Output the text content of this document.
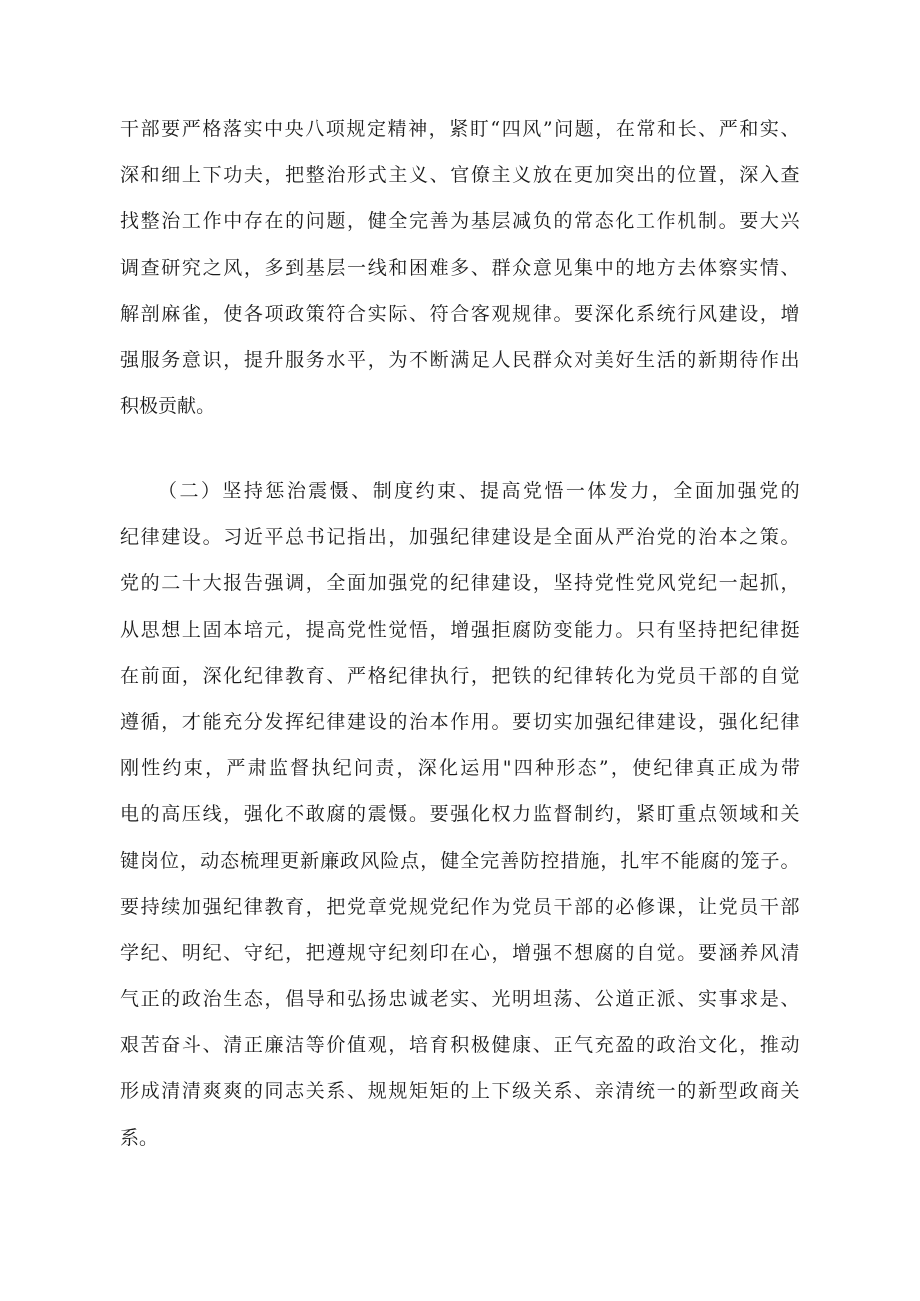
干 部 要 严 格 落 实 中 央 八 项 规 定 精 神 ， 紧 盯 “ 四 风 ” 问 题 ， 在 常 和 长 、 严 和 实 、
深 和 细 上 下 功 夫 ， 把 整 治 形 式 主 义 、 官 僚 主 义 放 在 更 加 突 出 的 位 置 ， 深 入 查
找 整 治 工 作 中 存 在 的 问 题 ， 健 全 完 善 为 基 层 减 负 的 常 态 化 工 作 机 制 。 要 大 兴
调 查 研 究 之 风 ， 多 到 基 层 一 线 和 困 难 多 、 群 众 意 见 集 中 的 地 方 去 体 察 实 情 、
解 剖 麻 雀 ， 使 各 项 政 策 符 合 实 际 、 符 合 客 观 规 律 。 要 深 化 系 统 行 风 建 设 ， 增
强 服 务 意 识 ， 提 升 服 务 水 平 ， 为 不 断 满 足 人 民 群 众 对 美 好 生 活 的 新 期 待 作 出
积 极 贡 献 。
（ 二 ） 坚 持 惩 治 震 慑 、 制 度 约 束 、 提 高 党 悟 一 体 发 力 ， 全 面 加 强 党 的
纪 律 建 设 。 习 近 平 总 书 记 指 出 ， 加 强 纪 律 建 设 是 全 面 从 严 治 党 的 治 本 之 策 。
党 的 二 十 大 报 告 强 调 ， 全 面 加 强 党 的 纪 律 建 设 ， 坚 持 党 性 党 风 党 纪 一 起 抓 ，
从 思 想 上 固 本 培 元 ， 提 高 党 性 觉 悟 ， 增 强 拒 腐 防 变 能 力 。 只 有 坚 持 把 纪 律 挺
在 前 面 ， 深 化 纪 律 教 育 、 严 格 纪 律 执 行 ， 把 铁 的 纪 律 转 化 为 党 员 干 部 的 自 觉
遵 循 ， 才 能 充 分 发 挥 纪 律 建 设 的 治 本 作 用 。 要 切 实 加 强 纪 律 建 设 ， 强 化 纪 律
刚 性 约 束 ， 严 肃 监 督 执 纪 问 责 ， 深 化 运 用 " 四 种 形 态 ” ， 使 纪 律 真 正 成 为 带
电 的 高 压 线 ， 强 化 不 敢 腐 的 震 慑 。 要 强 化 权 力 监 督 制 约 ， 紧 盯 重 点 领 域 和 关
键 岗 位 ， 动 态 梳 理 更 新 廉 政 风 险 点 ， 健 全 完 善 防 控 措 施 ， 扎 牢 不 能 腐 的 笼 子 。
要 持 续 加 强 纪 律 教 育 ， 把 党 章 党 规 党 纪 作 为 党 员 干 部 的 必 修 课 ， 让 党 员 干 部
学 纪 、 明 纪 、 守 纪 ， 把 遵 规 守 纪 刻 印 在 心 ， 增 强 不 想 腐 的 自 觉 。 要 涵 养 风 清
气 正 的 政 治 生 态 ， 倡 导 和 弘 扬 忠 诚 老 实 、 光 明 坦 荡 、 公 道 正 派 、 实 事 求 是 、
艰 苦 奋 斗 、 清 正 廉 洁 等 价 值 观 ， 培 育 积 极 健 康 、 正 气 充 盈 的 政 治 文 化 ， 推 动
形 成 清 清 爽 爽 的 同 志 关 系 、 规 规 矩 矩 的 上 下 级 关 系 、 亲 清 统 一 的 新 型 政 商 关
系 。
